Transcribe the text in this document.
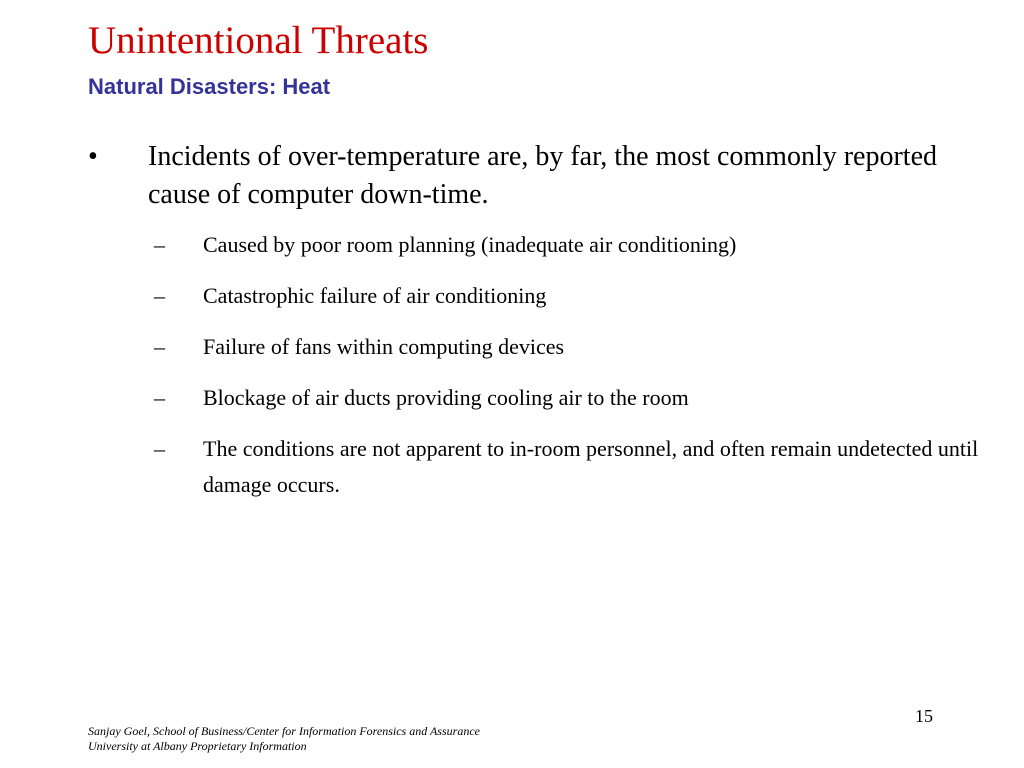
Unintentional Threats
Natural Disasters: Heat
• Incidents of over-temperature are, by far, the most commonly reported cause of computer down-time.
– Caused by poor room planning (inadequate air conditioning)
– Catastrophic failure of air conditioning
– Failure of fans within computing devices
– Blockage of air ducts providing cooling air to the room
– The conditions are not apparent to in-room personnel, and often remain undetected until damage occurs.
15
Sanjay Goel, School of Business/Center for Information Forensics and Assurance
University at Albany Proprietary Information
